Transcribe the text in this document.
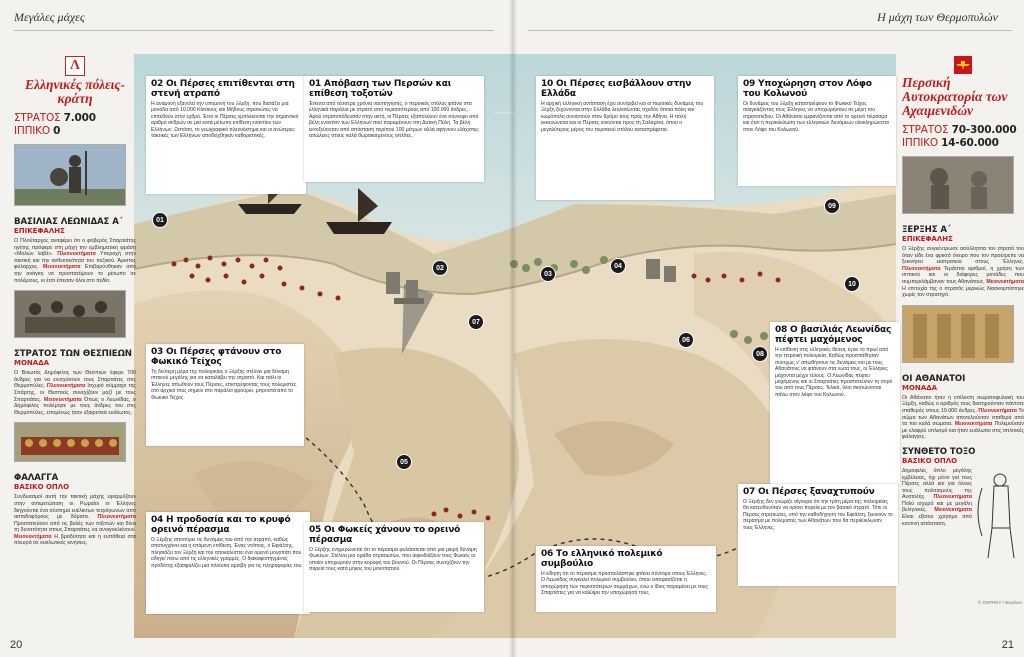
Μεγάλες μάχες	Η μάχη των Θερμοπυλών
Λ
Ελληνικές πόλεις-κράτη
ΣΤΡΑΤΟΣ 7.000
ΙΠΠΙΚΟ 0
ΒΑΣΙΛΙΑΣ ΛΕΩΝΙΔΑΣ Α΄
ΕΠΙΚΕΦΑΛΗΣ
Ο Πλούταρχος αναφέρει ότι ο φοβερός Σπαρτιάτης ηγέτης πρόφερε στη μάχη την εμβληματική φράση «Μολών λαβέ». Πλεονεκτήματα Υπεροχή στην τακτική και την ανθεκτικότητα του πεζικού. Άριστος φύλαρχος. Μειονεκτήματα Επιβαρύνθηκαν από την ανάγκη να προστατέψουν το μέτωπο σε πολέμιους, κι έτσι έπεσαν όλοι στο πεδίο.
ΣΤΡΑΤΟΣ ΤΩΝ ΘΕΣΠΙΕΩΝ
ΜΟΝΑΔΑ
Ο Βοιωτός Δημόφιλος των Θεσπιών έφερε 700 άνδρες για να ενισχύσουν τους Σπαρτιάτες στις Θερμοπύλες. Πλεονεκτήματα Ισχυρό σύμμαχο της Σπάρτης, οι Θεσπιείς συνεχίζουν μαζί με τους Σπαρτιάτες. Μειονεκτήματα Όπως ο Λεωνίδας, ο Δημόφιλος πολέμησε με τους άνδρες του στις Θερμοπύλες, επομένως ήταν εξαιρετικά ευάλωτος.
ΦΑΛΑΓΓΑ
ΒΑΣΙΚΟ ΟΠΛΟ
Συνδυασμοί αυτή την τακτική μάχης εφαρμόζουν στην αντιμετώπιση οι Ρωμαίοι οι Έλληνες διηγούνται ένα σύστημα ευέλικτων τετράγωνων από ασπιδοφόρους με δόρατα. Πλεονεκτήματα Προστατεύουν από τις βολές των τοξοτών και δίνει τη δυνατότητα στους Σπαρτιάτες να ανοιγοκλείνουν. Μειονεκτήματα Η βραδύτητα και η ευπάθεια στα πλευρά σε κυκλωτικές κινήσεις.
Περσική Αυτοκρατορία των Αχαιμενιδών
ΣΤΡΑΤΟΣ 70-300.000
ΙΠΠΙΚΟ 14-60.000
ΞΕΡΞΗΣ Α΄
ΕΠΙΚΕΦΑΛΗΣ
Ο Ξέρξης συγκέντρωσε ασύλληπτα τον στρατό του όταν είδε ένα φρικτό όνειρο που τον προέτρεπε να ξεκινήσει εκστρατεία στους Έλληνες. Πλεονεκτήματα Τεράστια αριθμοί, η χρήση των ιππικού και οι διάφορες μονάδες που συμπεριλάμβαναν τους Αθανάτους. Μειονεκτήματα Η επιτυχία της ο στρατός μερικώς διασκορπίστηκε χωρίς τον στρατηγό.
ΟΙ ΑΘΑΝΑΤΟΙ
ΜΟΝΑΔΑ
Οι Αθάνατοι ήταν η επίλεκτη σωματοφυλακή του Ξέρξη, καθώς ο αριθμός τους διατηρούνταν πάντοτε σταθερός στους 10.000 άνδρες. Πλεονεκτήματα Το σώμα των Αθανάτων αποτελούνταν σταθερά από τα πιο καλά σώματα. Μειονεκτήματα Πολεμούσαν με ελαφρύ οπλισμό και ήταν ευάλωτοι στις οπλιτικές φάλαγγες.
ΣΥΝΘΕΤΟ ΤΟΞΟ
ΒΑΣΙΚΟ ΟΠΛΟ
Δημοφιλές όπλο μεγάλης εμβέλειας, όχι μόνο για τους Πέρσες αλλά και για όλους τους πολιτισμούς της Ανατολής. Πλεονεκτήματα Πολύ ισχυρό και με μεγάλη βεληνεκές. Μειονεκτήματα Είναι εξίσου χρήσιμο από κοντινή απόσταση.
02 Οι Πέρσες επιτίθενται στη στενή ατραπό

Η αναμονή εξαντλεί την υπομονή του Ξέρξη, που διατάζει μια μονάδα από 10.000 Κίσσιους και Μήδους στρατιώτες να επιτεθούν στον εχθρό. Έτσι οι Πέρσες εμπλέκονται την σημαντικό αριθμό ανδρών σε μια κατά μέτωπο επίθεση εναντίον των Ελλήνων. Ωστόσο, το γεωγραφικό πλεονέκτημα και οι ανώτερες τακτικές των Ελλήνων αποδείχθηκαν καθοριστικές.

01 Απόβαση των Περσών και επίθεση τοξοτών

Έπειτα από τέσσερα χρόνια ναυπήγησης, ο περσικός στόλος φτάνει στα ελληνικά παράλια με στρατό από περισσότερους από 100.000 άνδρες. Αφού στρατοπέδευσαν στην ακτή, οι Πέρσες εξαπολύουν ένα σύννεφο από βέλη εναντίον των Ελλήνων που παραμένουν στη Δυτική Πύλη. Τα βέλη εκτοξεύονταν από απόσταση περίπου 100 μέτρων αλλά αφήνουν ελάχιστες απώλειες στους καλά θωρακισμένους οπλίτες.

10 Οι Πέρσες εισβάλλουν στην Ελλάδα

Η αρχική ελληνική αντίσταση έχει συντριβεί και οι περσικές δυνάμεις του Ξέρξη ξεχύνονται στην Ελλάδα λεηλατώντας σχεδόν όποια πόλη και κωμόπολη συναντούν στον δρόμο τους προς την Αθήνα. Η πόλη εκκενώνεται και οι Πέρσες κινούνται προς τη Σαλαμίνα, όπου ο μεγαλύτερος μέρος του περσικού στόλου καταστρέφεται.

09 Υποχώρηση στον Λόφο του Κολωνού

Οι δυνάμεις του Ξέρξη καταστρέφουν το Φωκικό Τείχος αναγκάζοντας τους Έλληνες να υποχωρήσουν σε μέρη του στρατοπέδου. Οι Αθάνατοι εμφανίζονται από το ορεινό πέρασμα και έτσι η περικύκλωση των ελληνικών δυνάμεων ολοκληρώνεται στον Λόφο του Κολωνού.

03 Οι Πέρσες φτάνουν στο Φωκικό Τείχος

Τη δεύτερη μέρα της πολιορκίας ο Ξέρξης στέλνει μια δύναμη ιππικού μεγάλης για να καταλάβει την ατραπό. Και πάλι οι Έλληνες απωθούν τους Πέρσες, επιστρέφοντας τους πολεμιστές στο αρχικό τους σημείο στο παράλιο φρούριο, μπροστά από το Φωκικό Τείχος.

08 Ο βασιλιάς Λεωνίδας πέφτει μαχόμενος

Η επίθεση στις ελληνικές θέσεις έγινε το πρωί από την περσική πολιορκία. Καθώς προσπάθησαν συνεχώς ν' απωθήσουν τις δυνάμεις και με τους Αθανάτους να φτάνουν στα νώτα τους, οι Έλληνες μάχονται μέχρι τέλους. Ο Λεωνίδας πέφτει μαχόμενος και οι Σπαρτιάτες προστατεύουν τη σορό του από τους Πέρσες. Τελικά, όλοι σκοτώνονται πάνω στον λόφο του Κολωνού.

04 Η προδοσία και το κρυφό ορεινό πέρασμα

Ο Ξέρξης αποσύρει τις δυνάμεις του από την ατραπό, καθώς αποτυγχάνει και η επόμενη επίθεση. Ένας ντόπιος, ο Εφιάλτης, πλησιάζει τον Ξέρξη και του αποκαλύπτει ένα ορεινό μονοπάτι που οδηγεί πίσω από τις ελληνικές γραμμές. Ο διακαφοπηγμένος προδότης εξασφαλίζει μια πλούσια αμοιβή για τις πληροφορίες του.

05 Οι Φωκείς χάνουν το ορεινό πέρασμα

Ο Ξέρξης ενημερώνεται ότι το πέρασμα φυλάσσεται από μια μικρή δύναμη Φωκέων. Στέλνει μια ομάδα στρατιωτών, που αιφνιδιάζουν τους Φωκείς οι οποίοι υποχωρούν στην κορυφή του βουνού. Οι Πέρσες συνεχίζουν την πορεία τους κατά μήκος του μονοπατιού.

06 Το ελληνικό πολεμικό συμβούλιο

Η είδηση ότι το πέρασμα προσπελάστηκε φτάνει σύντομα στους Έλληνες. Ο Λεωνίδας συγκαλεί πολεμικό συμβούλιο, όπου αποφασίζεται η αποχώρηση των περισσότερων συμμάχων, ενώ ο ίδιος παραμένει με τους Σπαρτιάτες για να καλύψει την υποχώρησή τους.

07 Οι Πέρσες ξαναχτυπούν

Ο Ξέρξης δεν γνώριζε σίγουρα ότι την τρίτη μέρα της πολιορκίας θα κατευθυνόταν να ορίσει πορεία με τον βασικό στρατό. Τότε οι Πέρσες στρατιώτες, υπό την καθοδήγηση του Εφιάλτη, ξεκινούν το πέρασμα με πολεμιστές των Αθανάτων που θα περικύκλωναν τους Έλληνες.

01
02
03
04
05
06
07
08
09
10
20	21
© OSPREY / Bourbon
